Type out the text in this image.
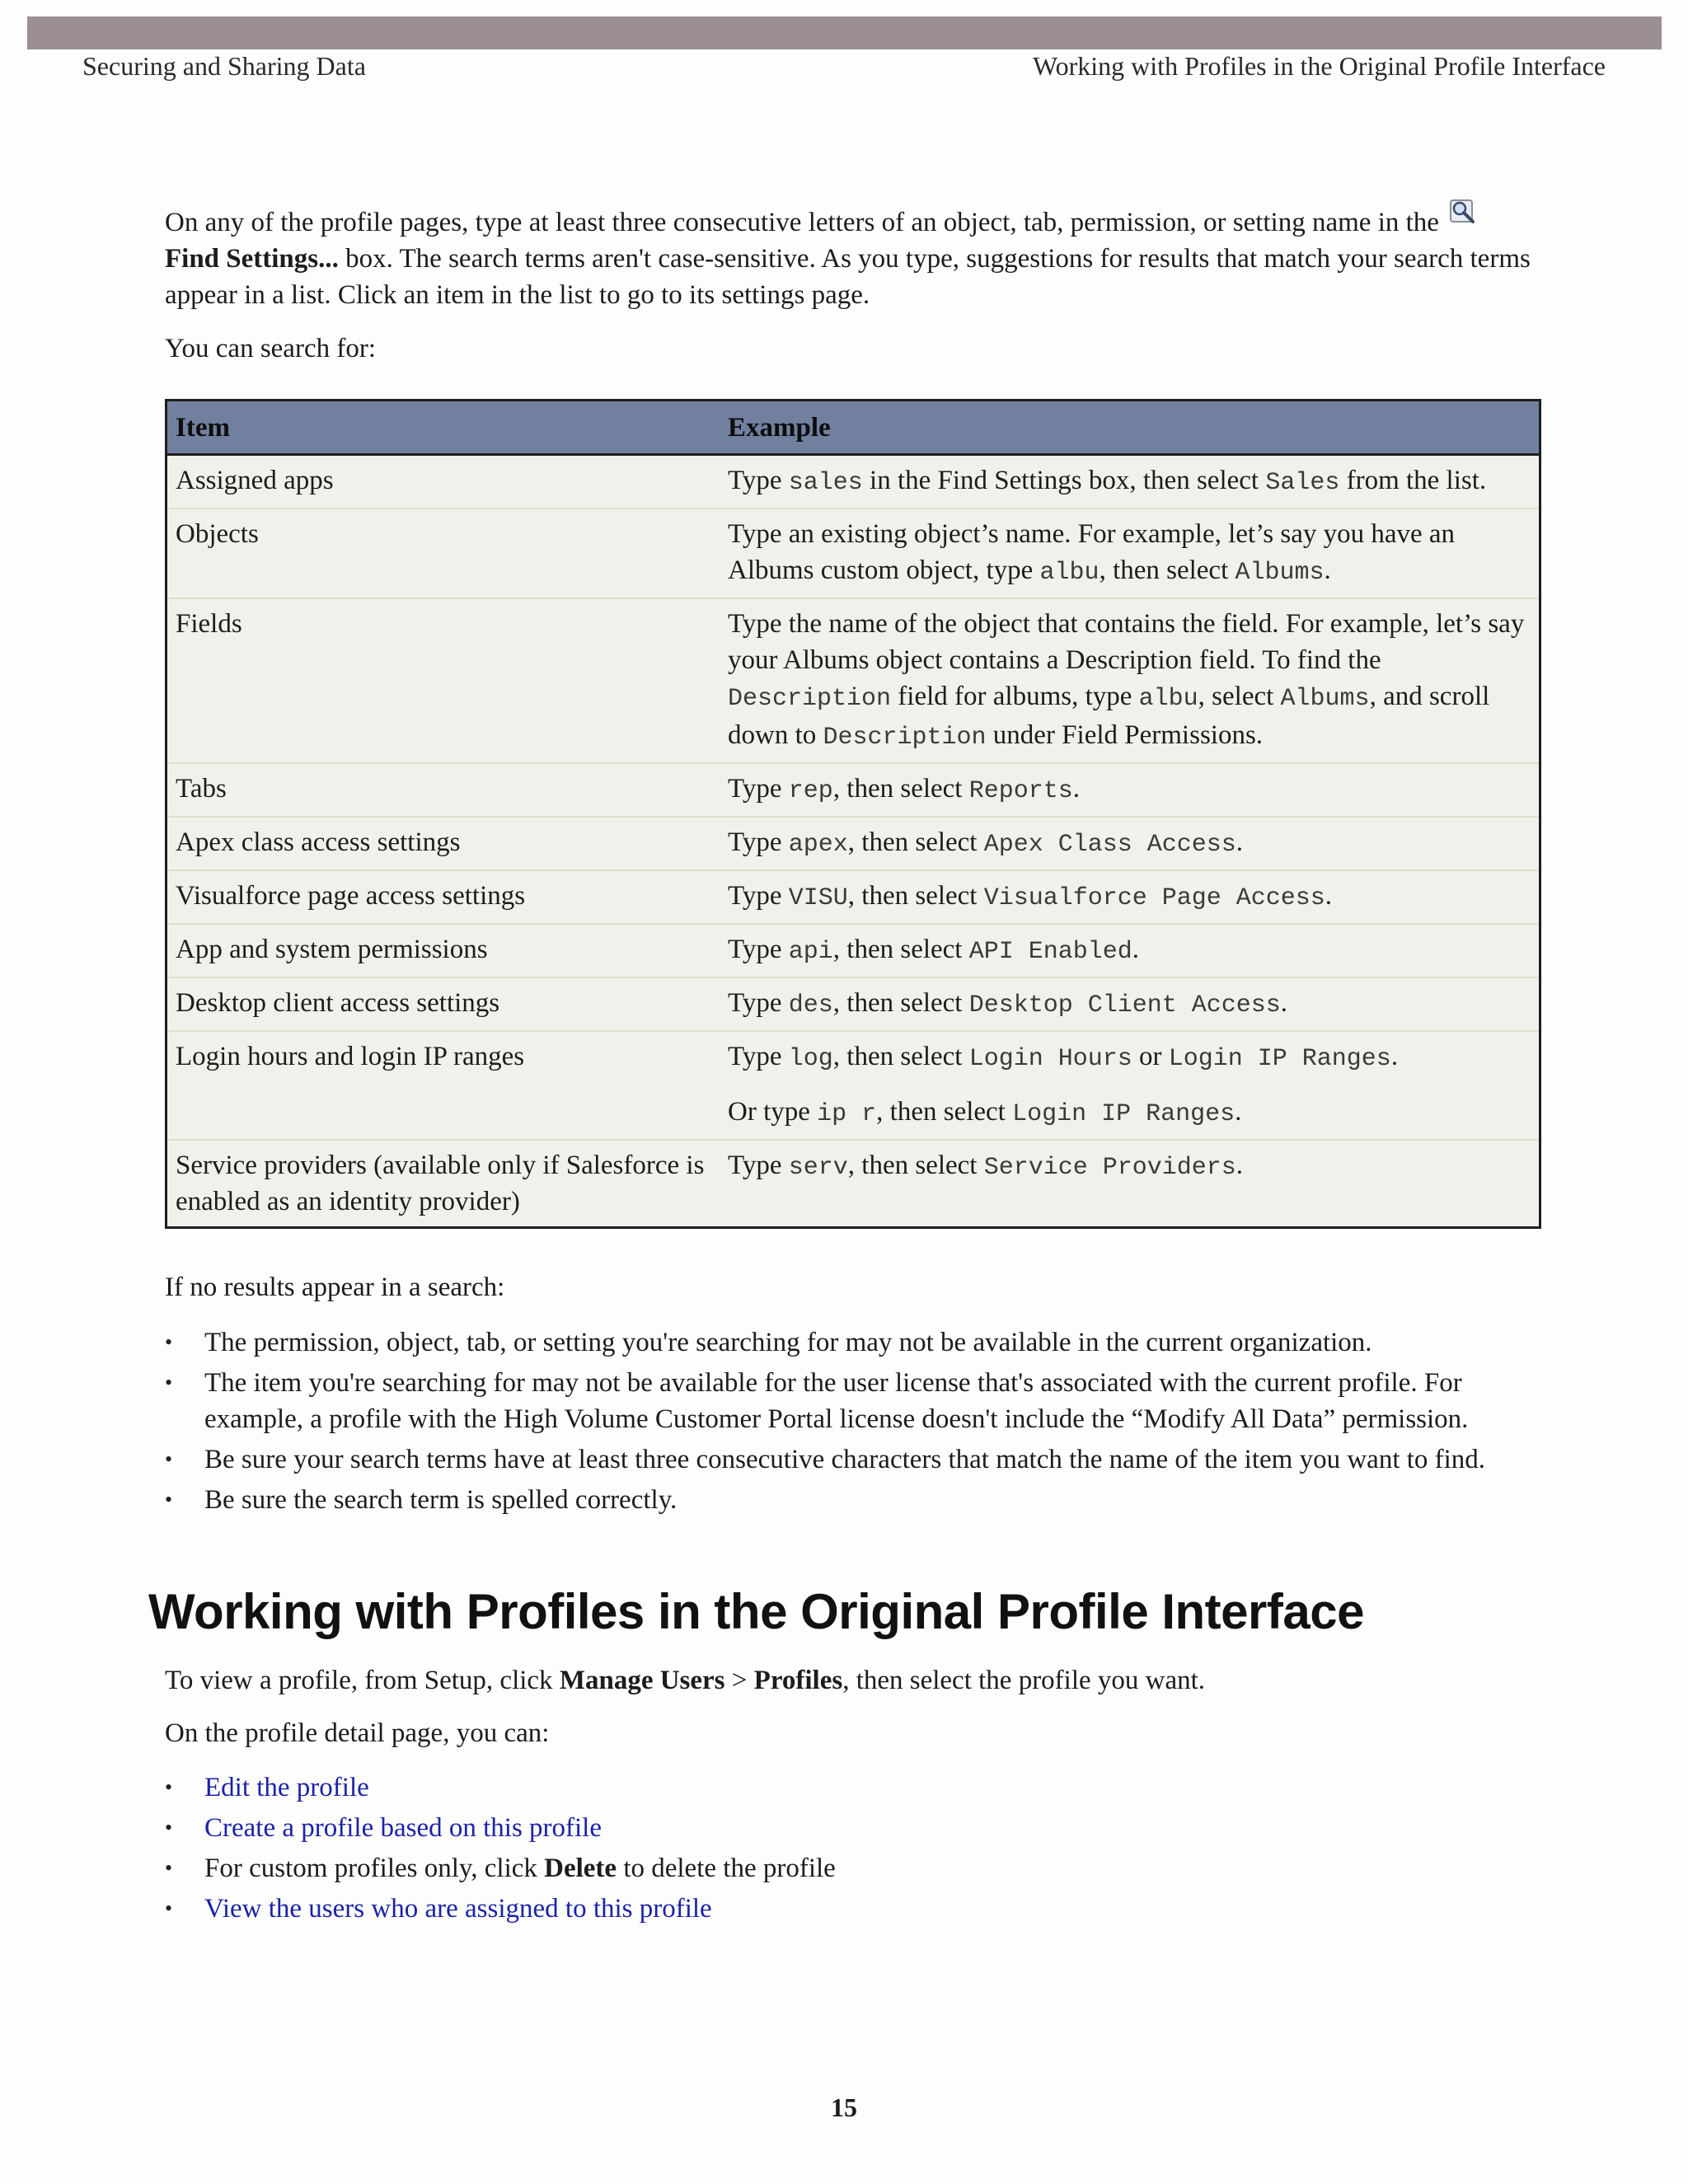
Securing and Sharing Data	Working with Profiles in the Original Profile Interface

On any of the profile pages, type at least three consecutive letters of an object, tab, permission, or setting name in the
Find Settings... box. The search terms aren't case-sensitive. As you type, suggestions for results that match your search terms appear in a list. Click an item in the list to go to its settings page.

You can search for:

Item	Example
Assigned apps	Type sales in the Find Settings box, then select Sales from the list.

Objects	Type an existing object’s name. For example, let’s say you have an Albums custom object, type albu, then select Albums.

Fields	Type the name of the object that contains the field. For example, let’s say your Albums object contains a Description field. To find the Description field for albums, type albu, select Albums, and scroll down to Description under Field Permissions.

Tabs	Type rep, then select Reports.

Apex class access settings	Type apex, then select Apex Class Access.

Visualforce page access settings	Type VISU, then select Visualforce Page Access.

App and system permissions	Type api, then select API Enabled.

Desktop client access settings	Type des, then select Desktop Client Access.

Login hours and login IP ranges	Type log, then select Login Hours or Login IP Ranges.
Or type ip r, then select Login IP Ranges.

Service providers (available only if Salesforce is enabled as an identity provider)	Type serv, then select Service Providers.

If no results appear in a search:

• The permission, object, tab, or setting you're searching for may not be available in the current organization.
• The item you're searching for may not be available for the user license that's associated with the current profile. For example, a profile with the High Volume Customer Portal license doesn't include the “Modify All Data” permission.
• Be sure your search terms have at least three consecutive characters that match the name of the item you want to find.
• Be sure the search term is spelled correctly.
Working with Profiles in the Original Profile Interface

To view a profile, from Setup, click Manage Users > Profiles, then select the profile you want.

On the profile detail page, you can:

• Edit the profile
• Create a profile based on this profile
• For custom profiles only, click Delete to delete the profile
• View the users who are assigned to this profile
15
